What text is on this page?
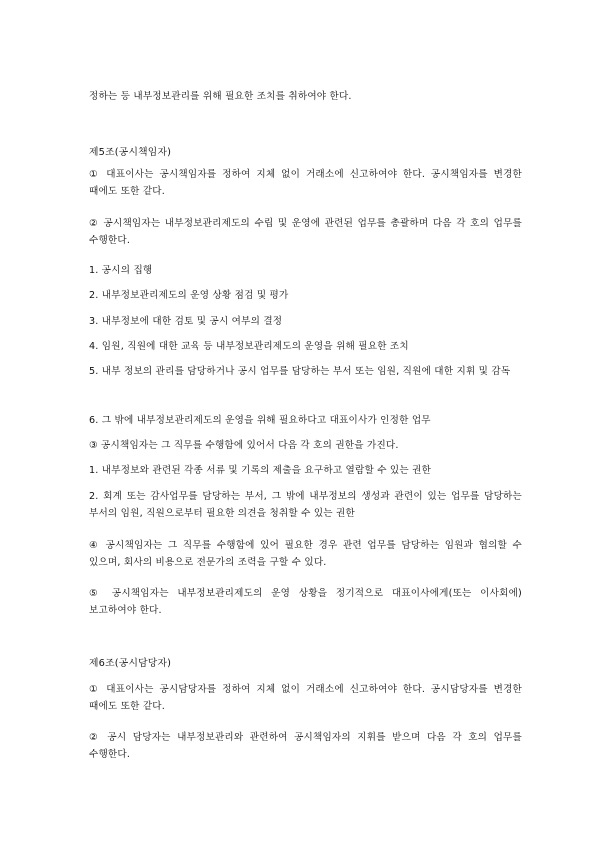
정하는 등 내부정보관리를 위해 필요한 조치를 취하여야 한다.
제5조(공시책임자)
① 대표이사는 공시책임자를 정하여 지체 없이 거래소에 신고하여야 한다. 공시책임자를 변경한 때에도 또한 같다.
② 공시책임자는 내부정보관리제도의 수립 및 운영에 관련된 업무를 총괄하며 다음 각 호의 업무를 수행한다.
1. 공시의 집행
2. 내부정보관리제도의 운영 상황 점검 및 평가
3. 내부정보에 대한 검토 및 공시 여부의 결정
4. 임원, 직원에 대한 교육 등 내부정보관리제도의 운영을 위해 필요한 조치
5. 내부 정보의 관리를 담당하거나 공시 업무를 담당하는 부서 또는 임원, 직원에 대한 지휘 및 감독
6. 그 밖에 내부정보관리제도의 운영을 위해 필요하다고 대표이사가 인정한 업무
③ 공시책임자는 그 직무를 수행함에 있어서 다음 각 호의 권한을 가진다.
1. 내부정보와 관련된 각종 서류 및 기록의 제출을 요구하고 열람할 수 있는 권한
2. 회계 또는 감사업무를 담당하는 부서, 그 밖에 내부정보의 생성과 관련이 있는 업무를 담당하는 부서의 임원, 직원으로부터 필요한 의견을 청취할 수 있는 권한
④ 공시책임자는 그 직무를 수행함에 있어 필요한 경우 관련 업무를 담당하는 임원과 협의할 수 있으며, 회사의 비용으로 전문가의 조력을 구할 수 있다.
⑤ 공시책임자는 내부정보관리제도의 운영 상황을 정기적으로 대표이사에게(또는 이사회에) 보고하여야 한다.
제6조(공시담당자)
① 대표이사는 공시담당자를 정하여 지체 없이 거래소에 신고하여야 한다. 공시담당자를 변경한 때에도 또한 같다.
② 공시 담당자는 내부정보관리와 관련하여 공시책임자의 지휘를 받으며 다음 각 호의 업무를 수행한다.
